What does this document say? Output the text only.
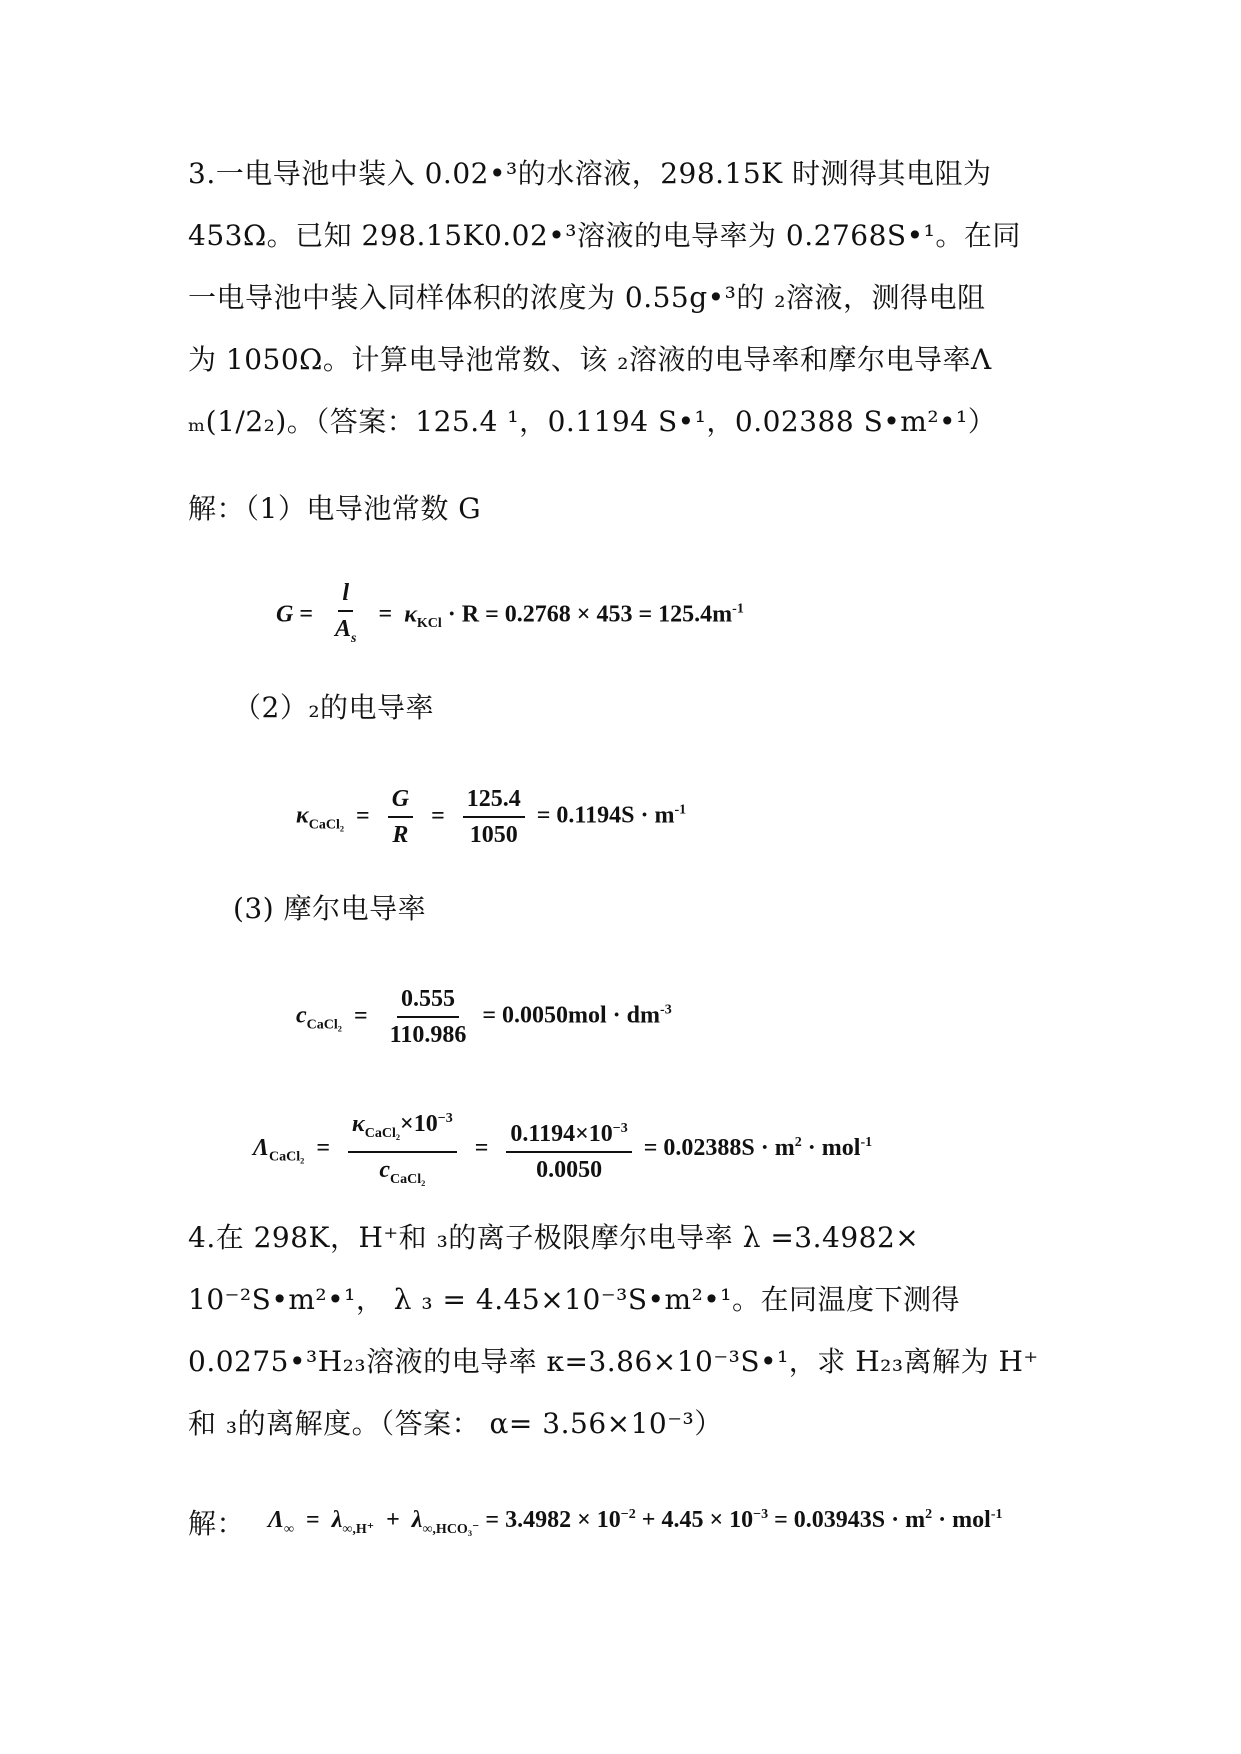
3.一电导池中装入 0.02•³的水溶液，298.15K 时测得其电阻为
453Ω。已知 298.15K0.02•³溶液的电导率为 0.2768S•¹。在同
一电导池中装入同样体积的浓度为 0.55g•³的 ₂溶液，测得电阻
为 1050Ω。计算电导池常数、该 ₂溶液的电导率和摩尔电导率Λ
ₘ(1/2₂)。（答案：125.4 ¹，0.1194 S•¹，0.02388 S•m²•¹）
解：（1）电导池常数 G
$G = \frac{l}{A_s} = \kappa_{KCl} \cdot R = 0.2768 \times 453 = 125.4m^{-1}$
（2）₂的电导率
$\kappa_{CaCl_2} = \frac{G}{R} = \frac{125.4}{1050} = 0.1194S \cdot m^{-1}$
(3) 摩尔电导率
$c_{CaCl_2} = \frac{0.555}{110.986} = 0.0050mol \cdot dm^{-3}$
$\Lambda_{CaCl_2} = \frac{\kappa_{CaCl_2}\times 10^{-3}}{c_{CaCl_2}} = \frac{0.1194\times 10^{-3}}{0.0050} = 0.02388S \cdot m^2 \cdot mol^{-1}$
4.在 298K，H⁺和 ₃的离子极限摩尔电导率 λ =3.4982×
10⁻²S•m²•¹， λ ₃ = 4.45×10⁻³S•m²•¹。在同温度下测得
0.0275•³H₂₃溶液的电导率 κ=3.86×10⁻³S•¹，求 H₂₃离解为 H⁺
和 ₃的离解度。（答案： α= 3.56×10⁻³）
解： $\Lambda_\infty = \lambda_{\infty,H^+} + \lambda_{\infty,HCO_3^-} = 3.4982 \times 10^{-2} + 4.45 \times 10^{-3} = 0.03943S \cdot m^2 \cdot mol^{-1}$
